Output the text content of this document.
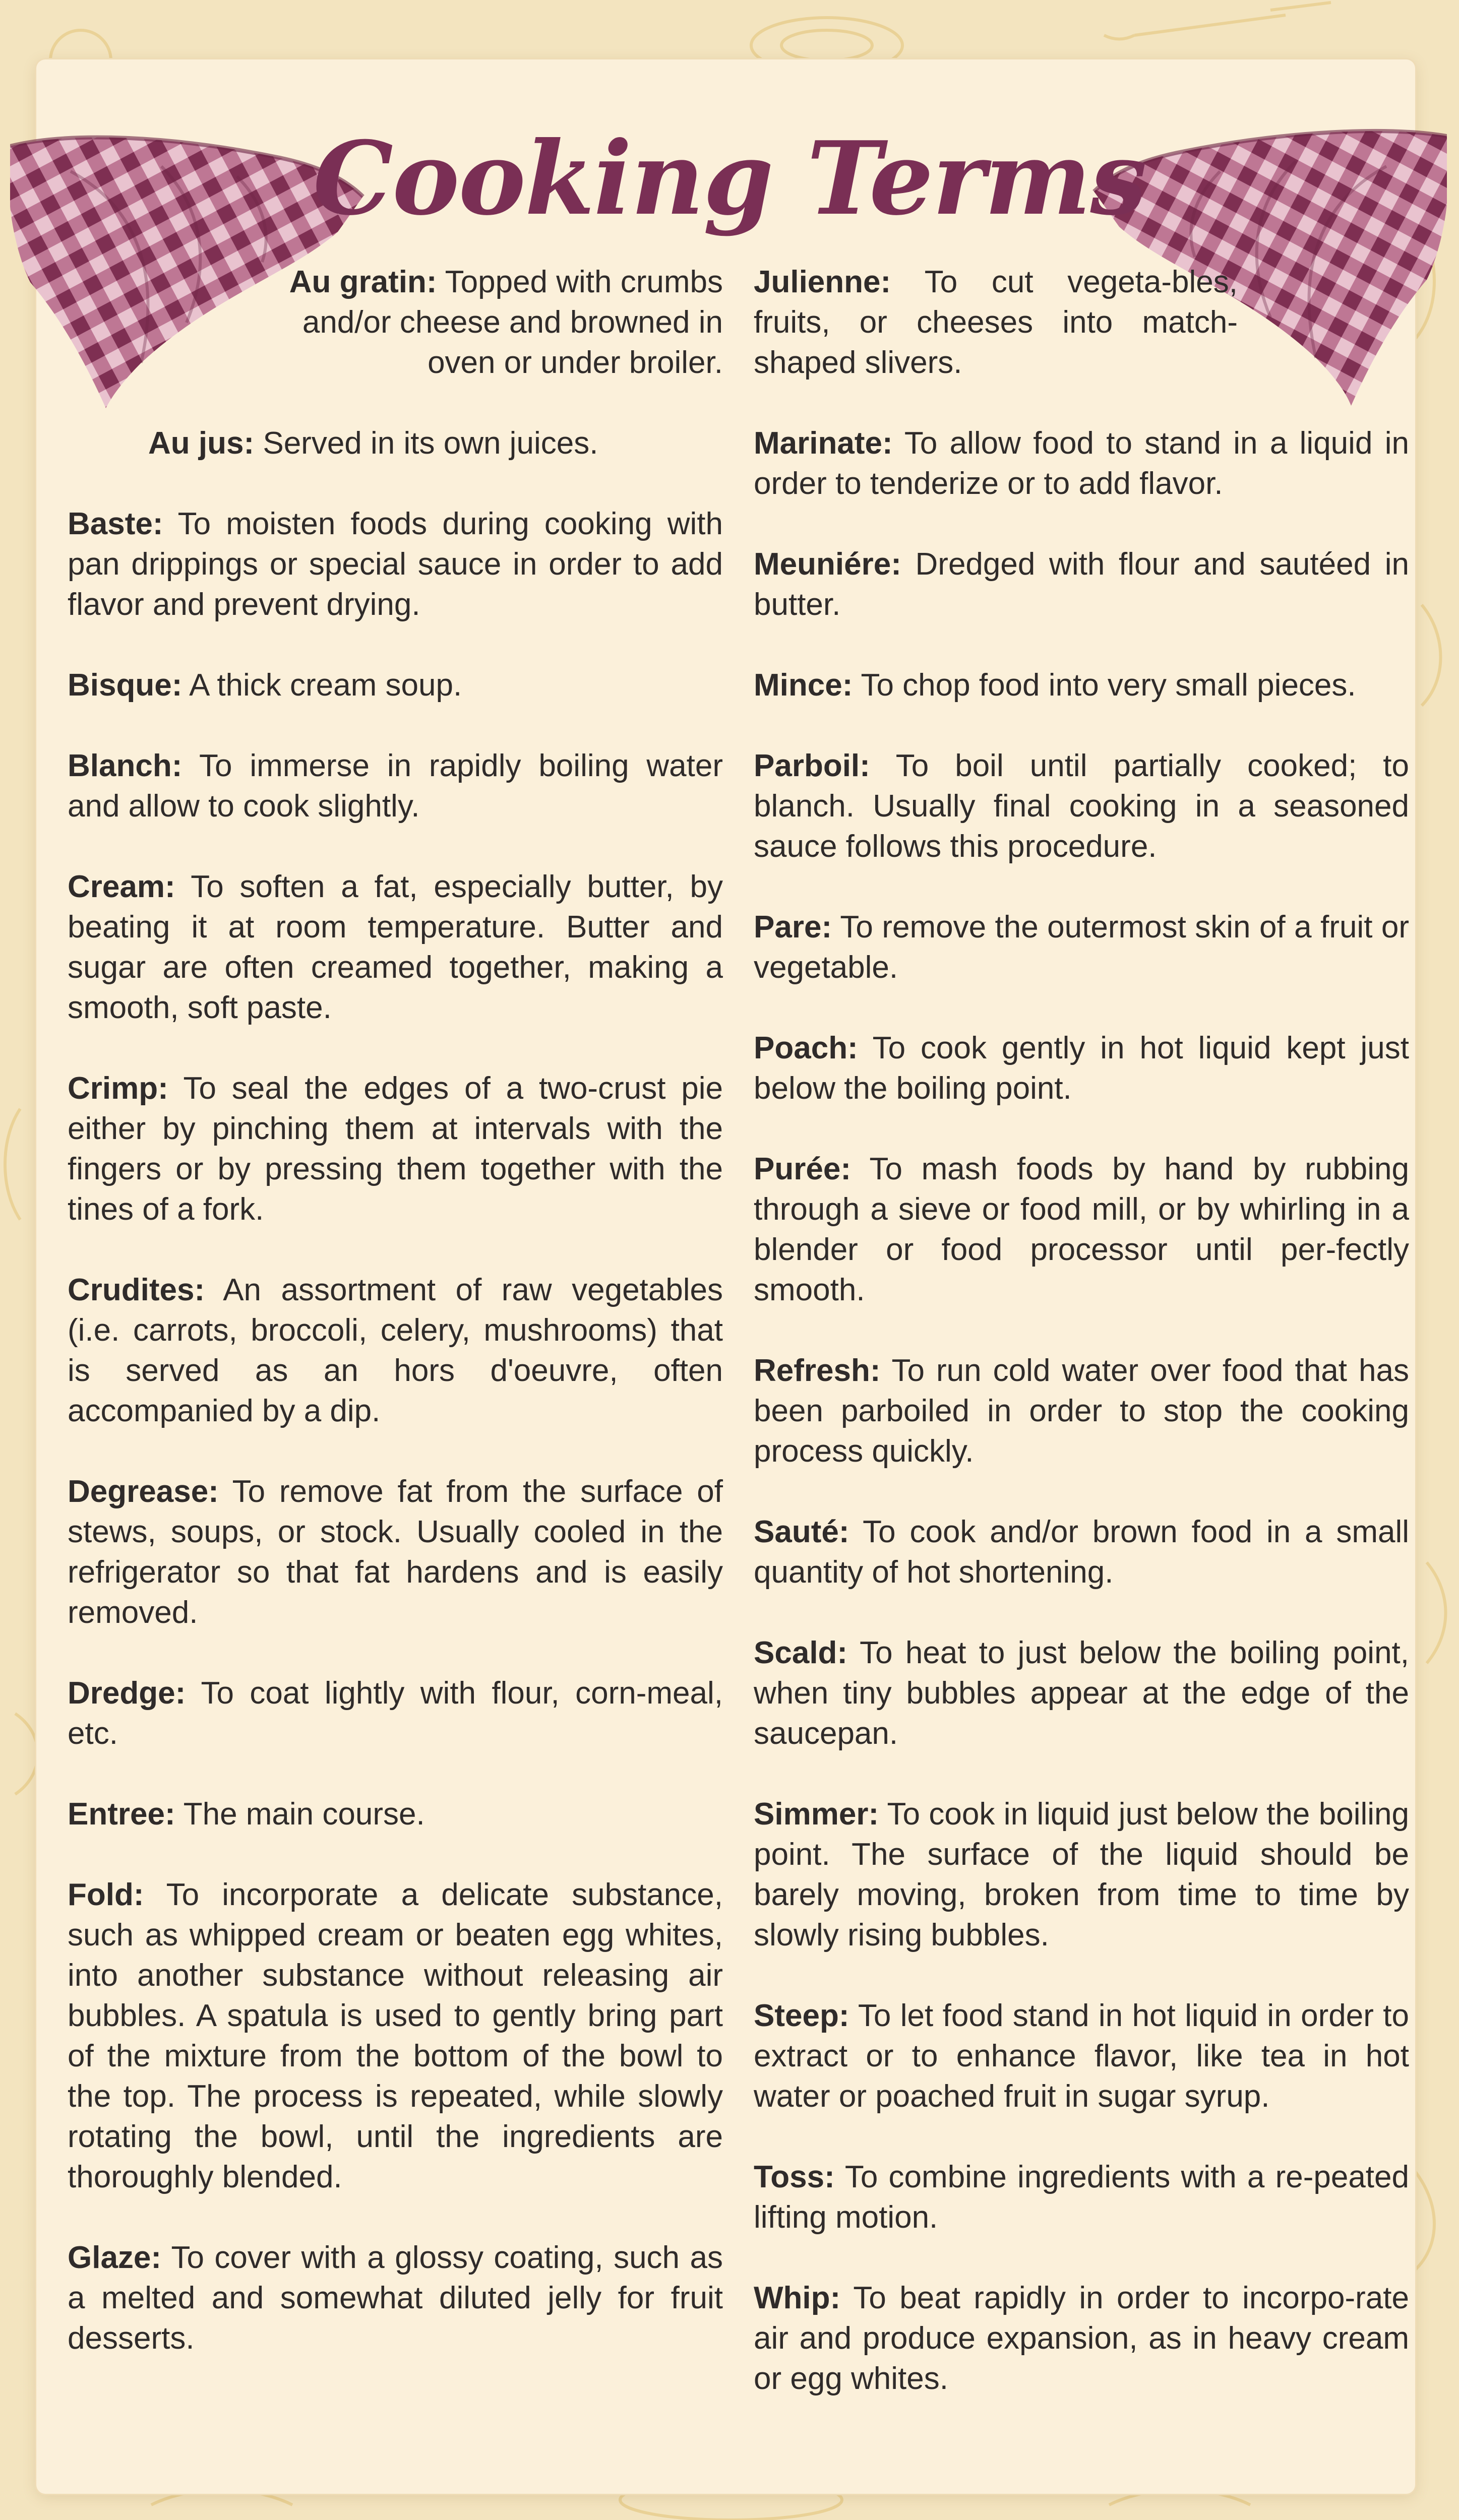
Cooking Terms

Au gratin: Topped with crumbs and/or cheese and browned in oven or under broiler.

Au jus: Served in its own juices.

Baste: To moisten foods during cooking with pan drippings or special sauce in order to add flavor and prevent drying.

Bisque: A thick cream soup.

Blanch: To immerse in rapidly boiling water and allow to cook slightly.

Cream: To soften a fat, especially butter, by beating it at room temperature. Butter and sugar are often creamed together, making a smooth, soft paste.

Crimp: To seal the edges of a two-crust pie either by pinching them at intervals with the fingers or by pressing them together with the tines of a fork.

Crudites: An assortment of raw vegetables (i.e. carrots, broccoli, celery, mushrooms) that is served as an hors d'oeuvre, often accompanied by a dip.

Degrease: To remove fat from the surface of stews, soups, or stock. Usually cooled in the refrigerator so that fat hardens and is easily removed.

Dredge: To coat lightly with flour, corn-meal, etc.

Entree: The main course.

Fold: To incorporate a delicate substance, such as whipped cream or beaten egg whites, into another substance without releasing air bubbles. A spatula is used to gently bring part of the mixture from the bottom of the bowl to the top. The process is repeated, while slowly rotating the bowl, until the ingredients are thoroughly blended.

Glaze: To cover with a glossy coating, such as a melted and somewhat diluted jelly for fruit desserts.

Julienne: To cut vegeta-bles, fruits, or cheeses into match-shaped slivers.

Marinate: To allow food to stand in a liquid in order to tenderize or to add flavor.

Meuniére: Dredged with flour and sautéed in butter.

Mince: To chop food into very small pieces.

Parboil: To boil until partially cooked; to blanch. Usually final cooking in a seasoned sauce follows this procedure.

Pare: To remove the outermost skin of a fruit or vegetable.

Poach: To cook gently in hot liquid kept just below the boiling point.

Purée: To mash foods by hand by rubbing through a sieve or food mill, or by whirling in a blender or food processor until per-fectly smooth.

Refresh: To run cold water over food that has been parboiled in order to stop the cooking process quickly.

Sauté: To cook and/or brown food in a small quantity of hot shortening.

Scald: To heat to just below the boiling point, when tiny bubbles appear at the edge of the saucepan.

Simmer: To cook in liquid just below the boiling point. The surface of the liquid should be barely moving, broken from time to time by slowly rising bubbles.

Steep: To let food stand in hot liquid in order to extract or to enhance flavor, like tea in hot water or poached fruit in sugar syrup.

Toss: To combine ingredients with a re-peated lifting motion.

Whip: To beat rapidly in order to incorpo-rate air and produce expansion, as in heavy cream or egg whites.
